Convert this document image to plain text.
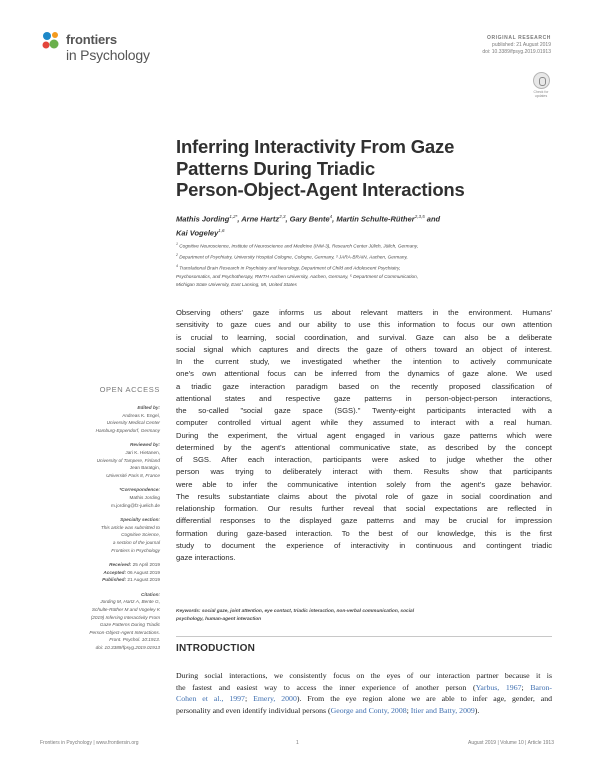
frontiers
in Psychology
ORIGINAL RESEARCH
published: 21 August 2019
doi: 10.3389/fpsyg.2019.01913
Check for updates
Inferring Interactivity From Gaze
Patterns During Triadic
Person-Object-Agent Interactions
Mathis Jording$^{1,2*}$, Arne Hartz$^{2,3}$, Gary Bente$^4$, Martin Schulte-Rüther$^{2,3,5}$ and
Kai Vogeley$^{1,6}$
$^1$ Cognitive Neuroscience, Institute of Neuroscience and Medicine (INM-3), Research Center Jülich, Jülich, Germany,
$^2$ Department of Psychiatry, University Hospital Cologne, Cologne, Germany, ³ JARA-BRAIN, Aachen, Germany,
$^4$ Translational Brain Research in Psychiatry and Neurology, Department of Child and Adolescent Psychiatry,
Psychosomatics, and Psychotherapy, RWTH Aachen University, Aachen, Germany, ⁵ Department of Communication,
Michigan State University, East Lansing, MI, United States
Observing others' gaze informs us about relevant matters in the environment. Humans'
sensitivity to gaze cues and our ability to use this information to focus our own attention
is crucial to learning, social coordination, and survival. Gaze can also be a deliberate
social signal which captures and directs the gaze of others toward an object of interest.
In the current study, we investigated whether the intention to actively communicate
one's own attentional focus can be inferred from the dynamics of gaze alone. We used
a triadic gaze interaction paradigm based on the recently proposed classification of
attentional states and respective gaze patterns in person-object-person interactions,
the so-called "social gaze space (SGS)." Twenty-eight participants interacted with a
computer controlled virtual agent while they assumed to interact with a real human.
During the experiment, the virtual agent engaged in various gaze patterns which were
determined by the agent's attentional communicative state, as described by the concept
of SGS. After each interaction, participants were asked to judge whether the other
person was trying to deliberately interact with them. Results show that participants
were able to infer the communicative intention solely from the agent's gaze behavior.
The results substantiate claims about the pivotal role of gaze in social coordination and
relationship formation. Our results further reveal that social expectations are reflected in
differential responses to the displayed gaze patterns and may be crucial for impression
formation during gaze-based interaction. To the best of our knowledge, this is the first
study to document the experience of interactivity in continuous and contingent triadic
gaze interactions.
Keywords: social gaze, joint attention, eye contact, triadic interaction, non-verbal communication, social
psychology, human-agent interaction
INTRODUCTION
During social interactions, we consistently focus on the eyes of our interaction partner because it is
the fastest and easiest way to access the inner experience of another person (Yarbus, 1967; Baron-
Cohen et al., 1997; Emery, 2000). From the eye region alone we are able to infer age, gender, and
personality and even identify individual persons (George and Conty, 2008; Itier and Batty, 2009).
OPEN ACCESS
Edited by:
Andreas K. Engel,
University Medical Center
Hamburg-Eppendorf, Germany
Reviewed by:
Jari K. Hietanen,
University of Tampere, Finland
Jean Baratgin,
Université Paris 8, France
*Correspondence:
Mathis Jording
m.jording@fz-juelich.de
Specialty section:
This article was submitted to
Cognitive Science,
a section of the journal
Frontiers in Psychology
Received: 25 April 2019
Accepted: 06 August 2019
Published: 21 August 2019
Citation:
Jording M, Hartz A, Bente G,
Schulte-Rüther M and Vogeley K
(2019) Inferring Interactivity From
Gaze Patterns During Triadic
Person-Object-Agent Interactions.
Front. Psychol. 10:1913.
doi: 10.3389/fpsyg.2019.01913
Frontiers in Psychology | www.frontiersin.org	1	August 2019 | Volume 10 | Article 1913
